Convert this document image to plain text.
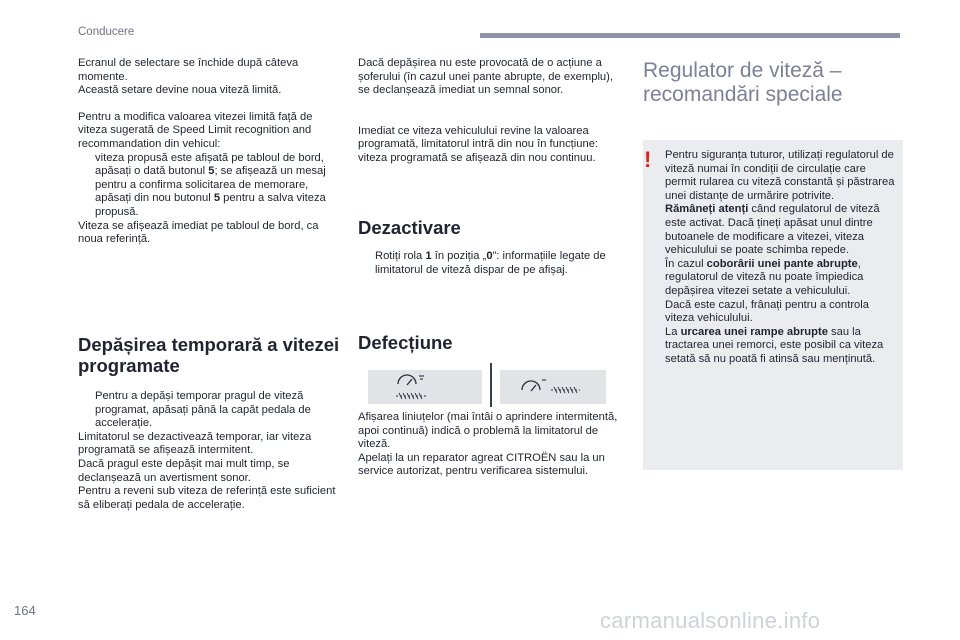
Conducere

Ecranul de selectare se închide după câteva momente.

Această setare devine noua viteză limită.

Pentru a modifica valoarea vitezei limită față de viteza sugerată de Speed Limit recognition and recommandation din vehicul:

viteza propusă este afișată pe tabloul de bord,
apăsați o dată butonul 5; se afișează un mesaj pentru a confirma solicitarea de memorare,
apăsați din nou butonul 5 pentru a salva viteza propusă.

Viteza se afișează imediat pe tabloul de bord, ca noua referință.

Depășirea temporară a vitezei programate
Pentru a depăși temporar pragul de viteză programat, apăsați până la capăt pedala de accelerație.

Limitatorul se dezactivează temporar, iar viteza programată se afișează intermitent.

Dacă pragul este depășit mai mult timp, se declanșează un avertisment sonor.

Pentru a reveni sub viteza de referință este suficient să eliberați pedala de accelerație.

Dacă depășirea nu este provocată de o acțiune a șoferului (în cazul unei pante abrupte, de exemplu), se declanșează imediat un semnal sonor.

Imediat ce viteza vehiculului revine la valoarea programată, limitatorul intră din nou în funcțiune: viteza programată se afișează din nou continuu.

Dezactivare
Rotiți rola 1 în poziția „0”: informațiile legate de limitatorul de viteză dispar de pe afișaj.
Defecțiune

Afișarea liniuțelor (mai întâi o aprindere intermitentă, apoi continuă) indică o problemă la limitatorul de viteză.

Apelați la un reparator agreat CITROËN sau la un service autorizat, pentru verificarea sistemului.

Regulator de viteză – recomandări speciale
!	Pentru siguranța tuturor, utilizați regulatorul de viteză numai în condiții de circulație care permit rularea cu viteză constantă și păstrarea unei distanțe de urmărire potrivite.

Rămâneți atenți când regulatorul de viteză este activat. Dacă țineți apăsat unul dintre butoanele de modificare a vitezei, viteza vehiculului se poate schimba repede.

În cazul coborârii unei pante abrupte, regulatorul de viteză nu poate împiedica depășirea vitezei setate a vehiculului.

Dacă este cazul, frânați pentru a controla viteza vehiculului.

La urcarea unei rampe abrupte sau la tractarea unei remorci, este posibil ca viteza setată să nu poată fi atinsă sau menținută.

164	carmanualsonline.info
